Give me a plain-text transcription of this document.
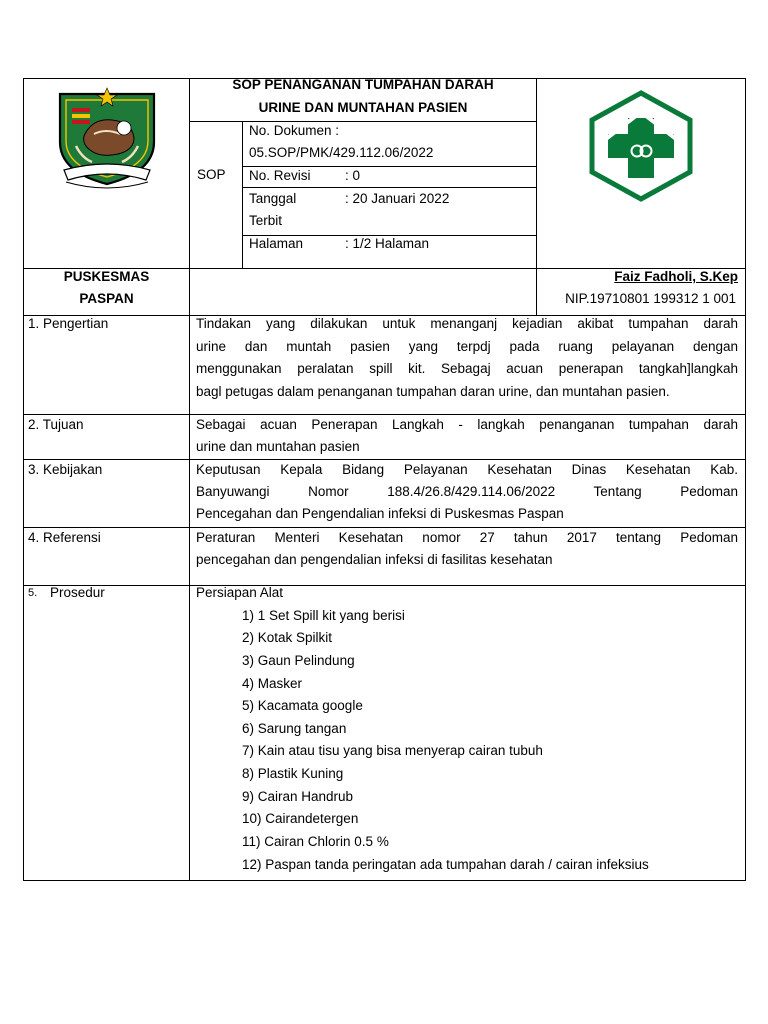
SOP PENANGANAN TUMPAHAN DARAH
URINE DAN MUNTAHAN PASIEN
SOP
No. Dokumen :
05.SOP/PMK/429.112.06/2022
No. Revisi	: 0
Tanggal	: 20 Januari 2022
Terbit
Halaman	: 1/2 Halaman
PUSKESMAS
PASPAN
Faiz Fadholi, S.Kep
NIP.19710801 199312 1 001
1. Pengertian	Tindakan yang dilakukan untuk menanganj kejadian akibat tumpahan darah
urine dan muntah pasien yang terpdj pada ruang pelayanan dengan
menggunakan peralatan spill kit. Sebagaj acuan penerapan tangkah]langkah
bagl petugas dalam penanganan tumpahan daran urine, dan muntahan pasien.
2. Tujuan	Sebagai acuan Penerapan Langkah - langkah penanganan tumpahan darah
urine dan muntahan pasien
3. Kebijakan	Keputusan Kepala Bidang Pelayanan Kesehatan Dinas Kesehatan Kab.
Banyuwangi Nomor 188.4/26.8/429.114.06/2022 Tentang Pedoman
Pencegahan dan Pengendalian infeksi di Puskesmas Paspan
4. Referensi	Peraturan Menteri Kesehatan nomor 27 tahun 2017 tentang Pedoman
pencegahan dan pengendalian infeksi di fasilitas kesehatan
5. Prosedur	Persiapan Alat
1) 1 Set Spill kit yang berisi
2) Kotak Spilkit
3) Gaun Pelindung
4) Masker
5) Kacamata google
6) Sarung tangan
7) Kain atau tisu yang bisa menyerap cairan tubuh
8) Plastik Kuning
9) Cairan Handrub
10) Cairandetergen
11) Cairan Chlorin 0.5 %
12) Paspan tanda peringatan ada tumpahan darah / cairan infeksius
